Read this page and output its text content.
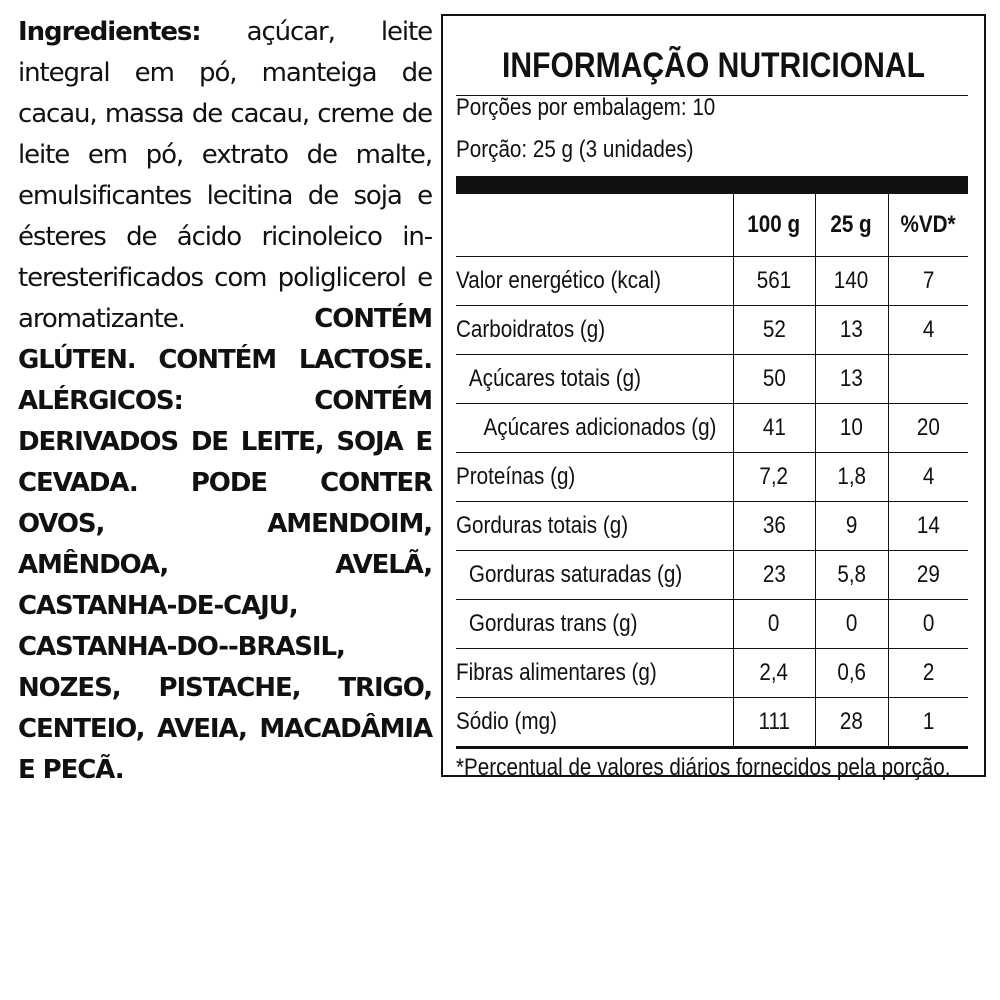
Ingredientes: açúcar, leite integral em pó, manteiga de cacau, massa de cacau, creme de leite em pó, extrato de malte, emulsificantes lecitina de soja e ésteres de ácido ricinoleico in-teresterificados com poliglicerol e aromatizante.	CONTÉM GLÚTEN. CONTÉM LACTOSE. ALÉRGICOS: CONTÉM DERIVADOS DE LEITE, SOJA E CEVADA. PODE CONTER OVOS, AMENDOIM, AMÊNDOA, AVELÃ, CASTANHA-DE-CAJU, CASTANHA-DO--BRASIL, NOZES, PISTACHE, TRIGO, CENTEIO, AVEIA, MACADÂMIA E PECÃ.
INFORMAÇÃO NUTRICIONAL
Porções por embalagem: 10
Porção: 25 g (3 unidades)
	100 g	25 g	%VD*
Valor energético (kcal)	561	140	7
Carboidratos (g)	52	13	4
Açúcares totais (g)	50	13	
Açúcares adicionados (g)	41	10	20
Proteínas (g)	7,2	1,8	4
Gorduras totais (g)	36	9	14
Gorduras saturadas (g)	23	5,8	29
Gorduras trans (g)	0	0	0
Fibras alimentares (g)	2,4	0,6	2
Sódio (mg)	111	28	1
*Percentual de valores diários fornecidos pela porção.
